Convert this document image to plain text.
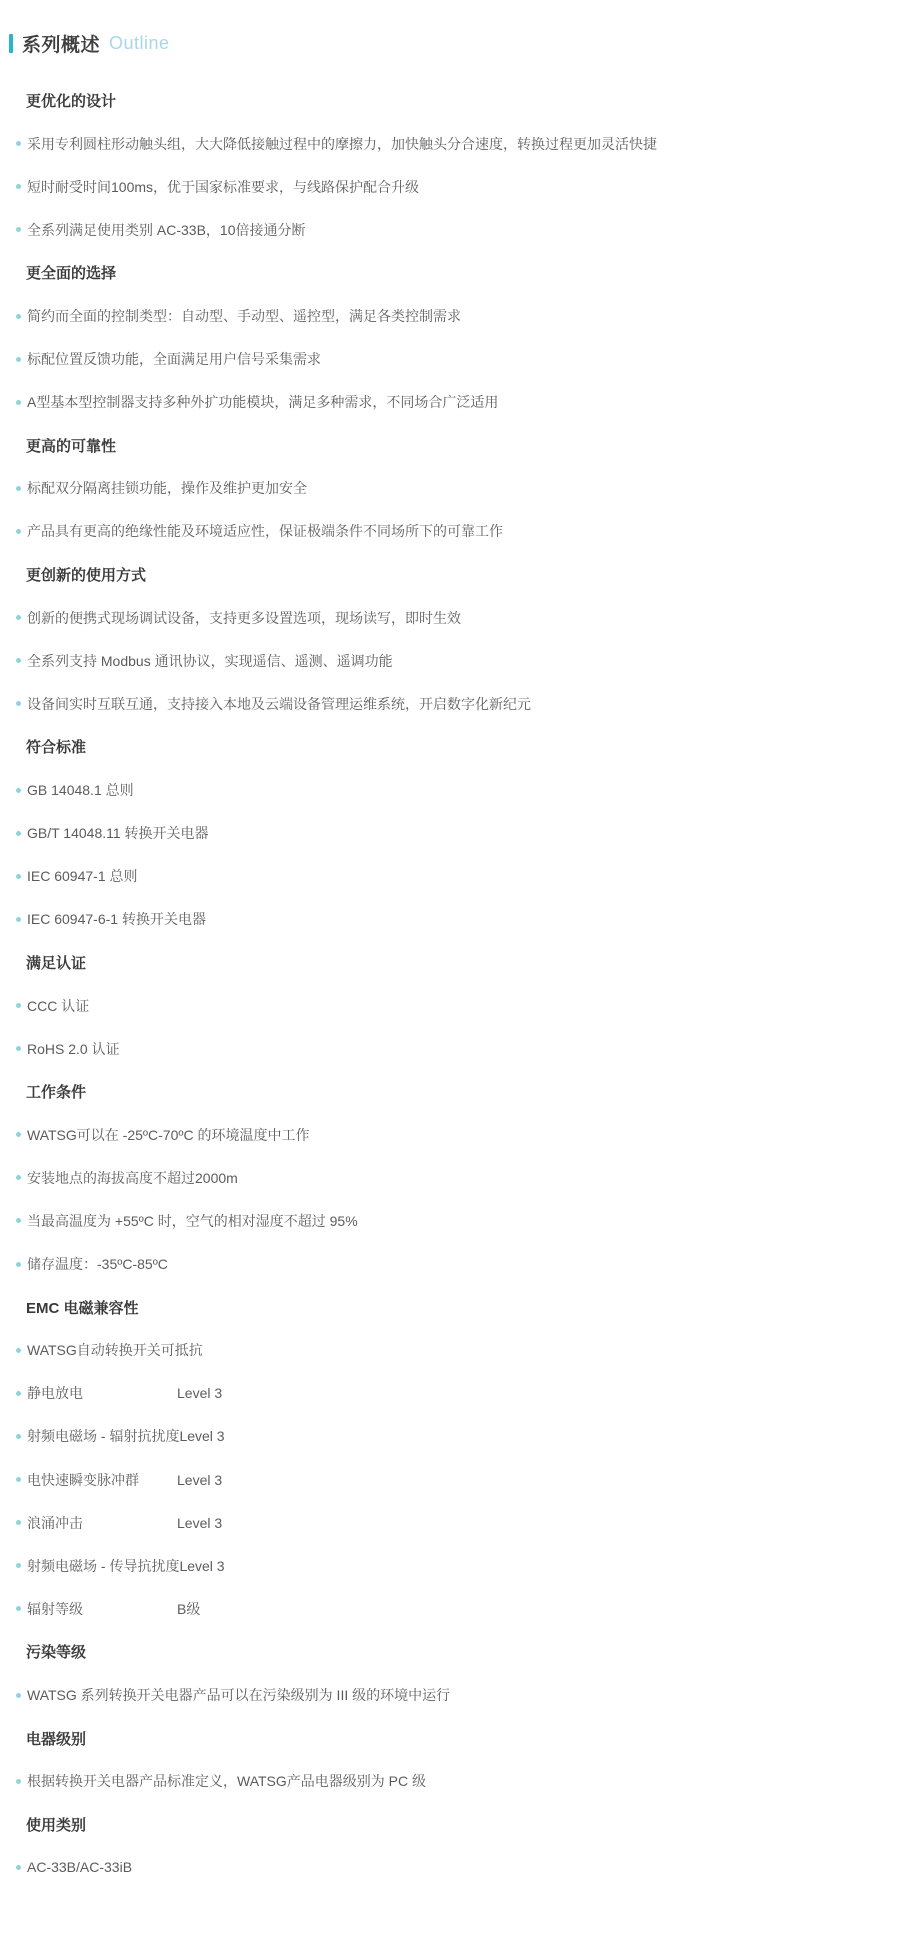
系列概述 Outline
更优化的设计
采用专利圆柱形动触头组，大大降低接触过程中的摩擦力，加快触头分合速度，转换过程更加灵活快捷
短时耐受时间100ms，优于国家标准要求，与线路保护配合升级
全系列满足使用类别 AC-33B，10倍接通分断
更全面的选择
简约而全面的控制类型：自动型、手动型、遥控型，满足各类控制需求
标配位置反馈功能，全面满足用户信号采集需求
A型基本型控制器支持多种外扩功能模块，满足多种需求，不同场合广泛适用
更高的可靠性
标配双分隔离挂锁功能，操作及维护更加安全
产品具有更高的绝缘性能及环境适应性，保证极端条件不同场所下的可靠工作
更创新的使用方式
创新的便携式现场调试设备，支持更多设置选项，现场读写，即时生效
全系列支持 Modbus 通讯协议，实现遥信、遥测、遥调功能
设备间实时互联互通，支持接入本地及云端设备管理运维系统，开启数字化新纪元
符合标准
GB 14048.1 总则
GB/T 14048.11 转换开关电器
IEC 60947-1 总则
IEC 60947-6-1 转换开关电器
满足认证
CCC 认证
RoHS 2.0 认证
工作条件
WATSG可以在 -25ºC-70ºC 的环境温度中工作
安装地点的海拔高度不超过2000m
当最高温度为 +55ºC 时，空气的相对湿度不超过 95%
储存温度：-35ºC-85ºC
EMC 电磁兼容性
WATSG自动转换开关可抵抗
静电放电	Level 3
射频电磁场 - 辐射抗扰度 Level 3
电快速瞬变脉冲群	Level 3
浪涌冲击	Level 3
射频电磁场 - 传导抗扰度 Level 3
辐射等级	B级
污染等级
WATSG 系列转换开关电器产品可以在污染级别为 III 级的环境中运行
电器级别
根据转换开关电器产品标准定义，WATSG产品电器级别为 PC 级
使用类别
AC-33B/AC-33iB
